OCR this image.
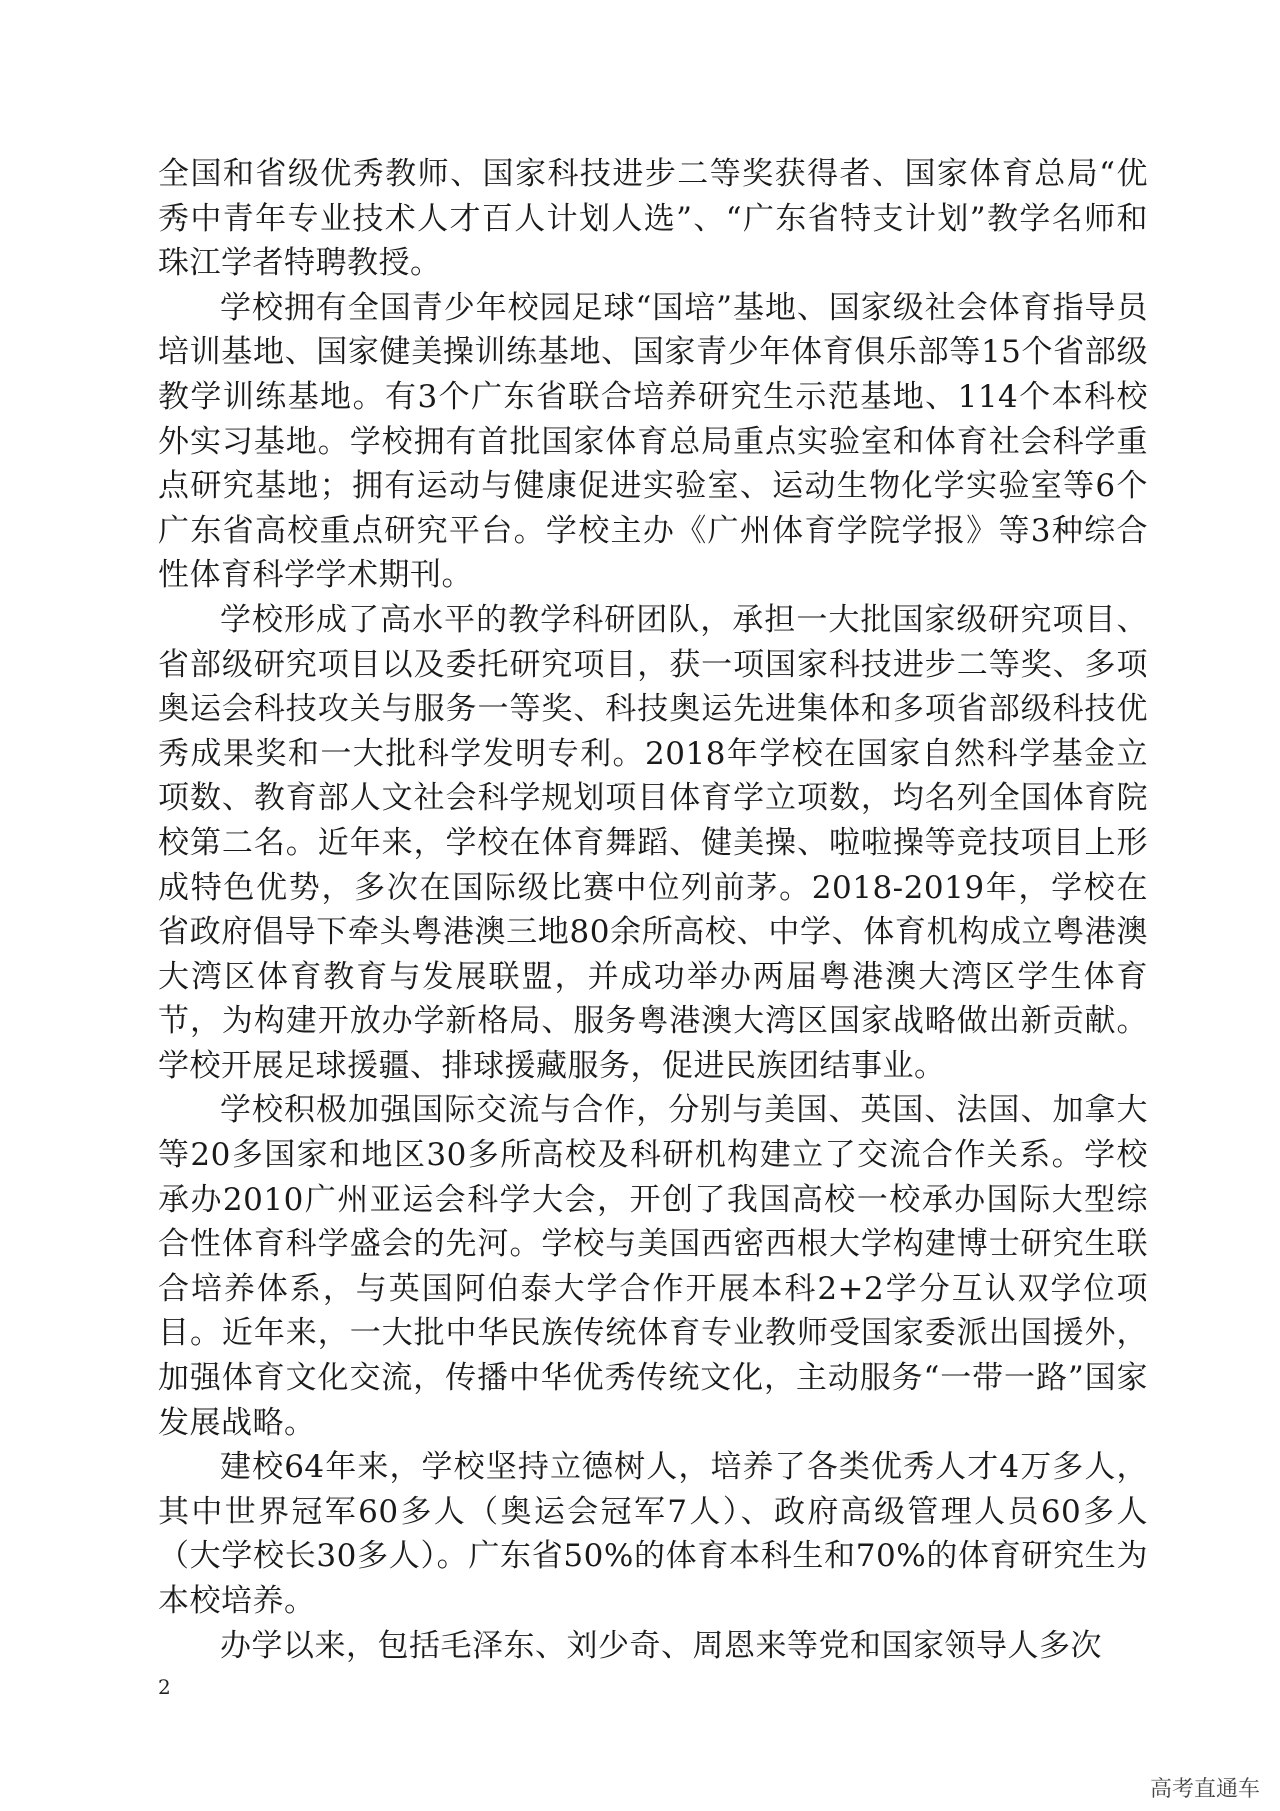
全国和省级优秀教师、国家科技进步二等奖获得者、国家体育总局“优秀中青年专业技术人才百人计划人选”、“广东省特支计划”教学名师和珠江学者特聘教授。

学校拥有全国青少年校园足球“国培”基地、国家级社会体育指导员培训基地、国家健美操训练基地、国家青少年体育俱乐部等15个省部级教学训练基地。有3个广东省联合培养研究生示范基地、114个本科校外实习基地。学校拥有首批国家体育总局重点实验室和体育社会科学重点研究基地；拥有运动与健康促进实验室、运动生物化学实验室等6个广东省高校重点研究平台。学校主办《广州体育学院学报》等3种综合性体育科学学术期刊。

学校形成了高水平的教学科研团队，承担一大批国家级研究项目、省部级研究项目以及委托研究项目，获一项国家科技进步二等奖、多项奥运会科技攻关与服务一等奖、科技奥运先进集体和多项省部级科技优秀成果奖和一大批科学发明专利。2018年学校在国家自然科学基金立项数、教育部人文社会科学规划项目体育学立项数，均名列全国体育院校第二名。近年来，学校在体育舞蹈、健美操、啦啦操等竞技项目上形成特色优势，多次在国际级比赛中位列前茅。2018-2019年，学校在省政府倡导下牵头粤港澳三地80余所高校、中学、体育机构成立粤港澳大湾区体育教育与发展联盟，并成功举办两届粤港澳大湾区学生体育节，为构建开放办学新格局、服务粤港澳大湾区国家战略做出新贡献。学校开展足球援疆、排球援藏服务，促进民族团结事业。

学校积极加强国际交流与合作，分别与美国、英国、法国、加拿大等20多国家和地区30多所高校及科研机构建立了交流合作关系。学校承办2010广州亚运会科学大会，开创了我国高校一校承办国际大型综合性体育科学盛会的先河。学校与美国西密西根大学构建博士研究生联合培养体系，与英国阿伯泰大学合作开展本科2+2学分互认双学位项目。近年来，一大批中华民族传统体育专业教师受国家委派出国援外，加强体育文化交流，传播中华优秀传统文化，主动服务“一带一路”国家发展战略。

建校64年来，学校坚持立德树人，培养了各类优秀人才4万多人，其中世界冠军60多人（奥运会冠军7人）、政府高级管理人员60多人（大学校长30多人）。广东省50%的体育本科生和70%的体育研究生为本校培养。

办学以来，包括毛泽东、刘少奇、周恩来等党和国家领导人多次

2
高考直通车
